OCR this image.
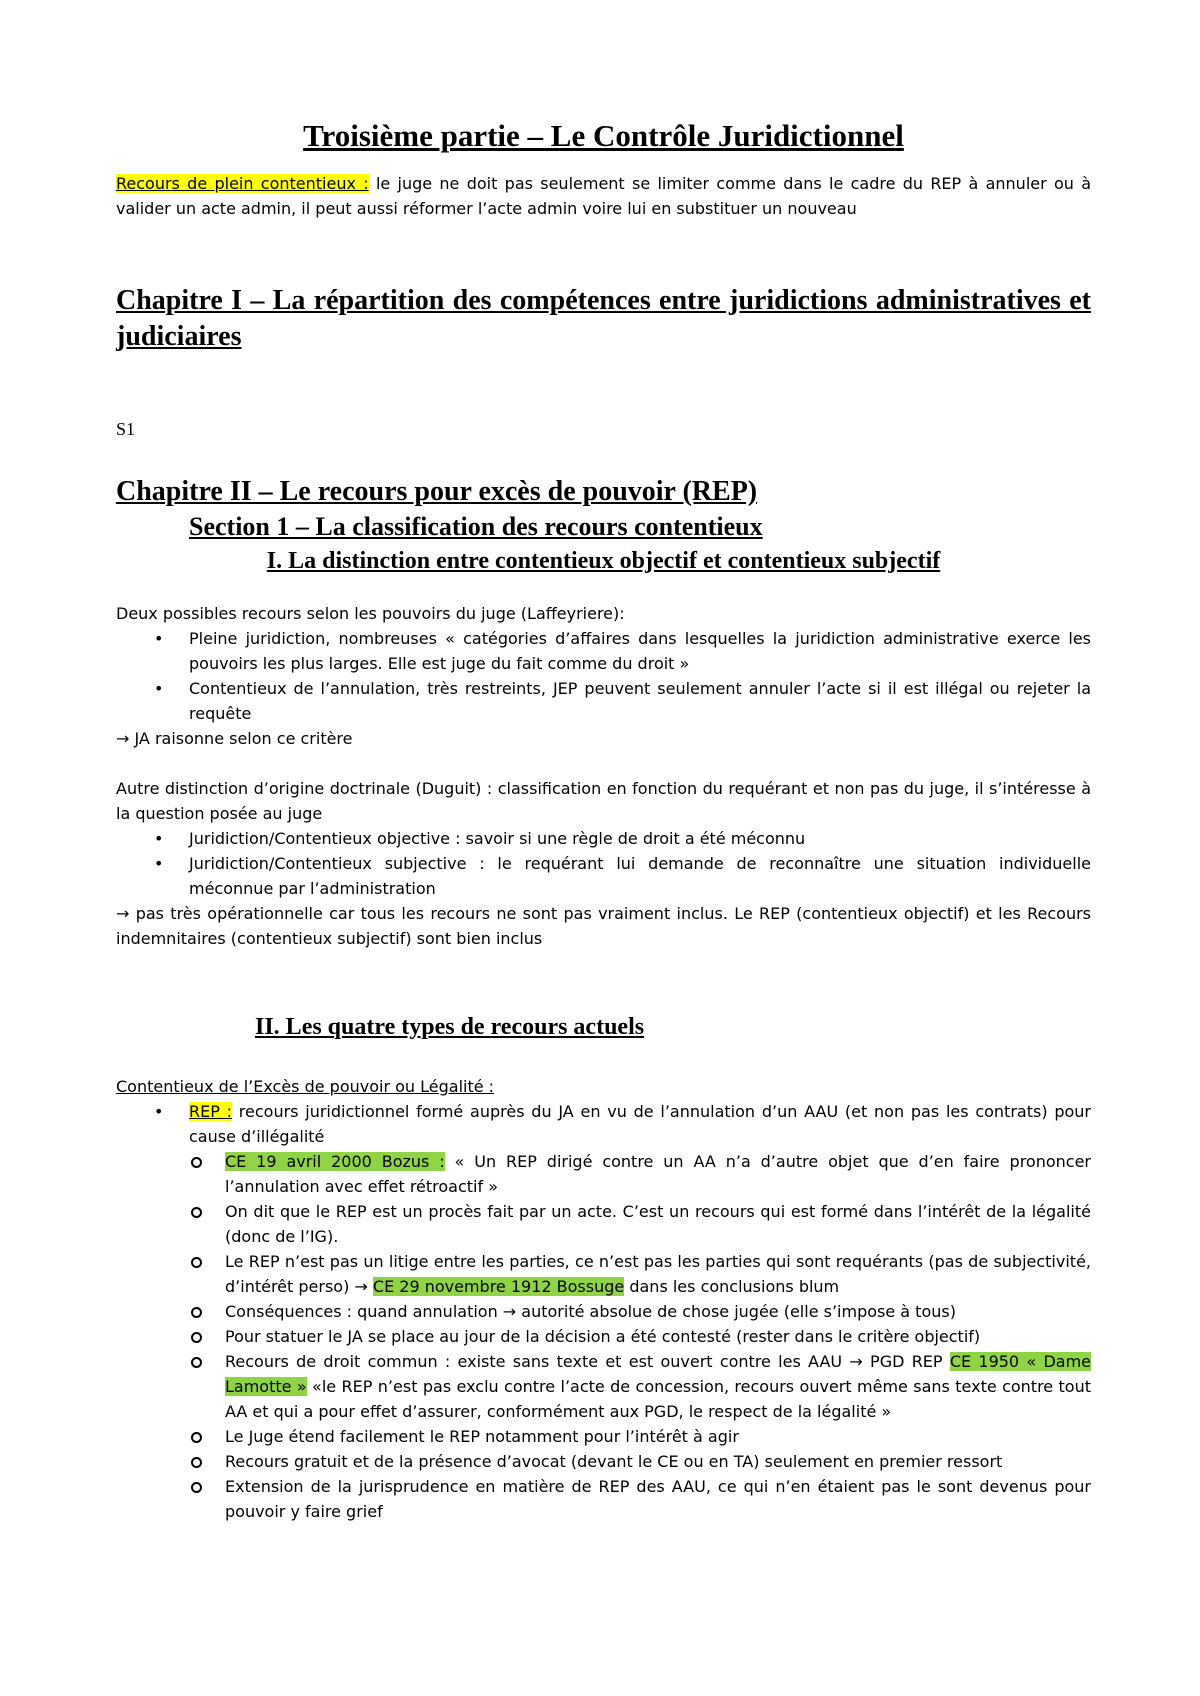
Troisième partie – Le Contrôle Juridictionnel

Recours de plein contentieux : le juge ne doit pas seulement se limiter comme dans le cadre du REP à annuler ou à valider un acte admin, il peut aussi réformer l’acte admin voire lui en substituer un nouveau

Chapitre I – La répartition des compétences entre juridictions administratives et judiciaires

S1

Chapitre II – Le recours pour excès de pouvoir (REP)
Section 1 – La classification des recours contentieux
I. La distinction entre contentieux objectif et contentieux subjectif

Deux possibles recours selon les pouvoirs du juge (Laffeyriere):

• Pleine juridiction, nombreuses « catégories d’affaires dans lesquelles la juridiction administrative exerce les pouvoirs les plus larges. Elle est juge du fait comme du droit »
• Contentieux de l’annulation, très restreints, JEP peuvent seulement annuler l’acte si il est illégal ou rejeter la requête

→ JA raisonne selon ce critère

Autre distinction d’origine doctrinale (Duguit) : classification en fonction du requérant et non pas du juge, il s’intéresse à la question posée au juge

• Juridiction/Contentieux objective : savoir si une règle de droit a été méconnu
• Juridiction/Contentieux subjective : le requérant lui demande de reconnaître une situation individuelle méconnue par l’administration

→ pas très opérationnelle car tous les recours ne sont pas vraiment inclus. Le REP (contentieux objectif) et les Recours indemnitaires (contentieux subjectif) sont bien inclus

II. Les quatre types de recours actuels

Contentieux de l’Excès de pouvoir ou Légalité :

• REP : recours juridictionnel formé auprès du JA en vu de l’annulation d’un AAU (et non pas les contrats) pour cause d’illégalité
CE 19 avril 2000 Bozus : « Un REP dirigé contre un AA n’a d’autre objet que d’en faire prononcer l’annulation avec effet rétroactif »
On dit que le REP est un procès fait par un acte. C’est un recours qui est formé dans l’intérêt de la légalité (donc de l’IG).
Le REP n’est pas un litige entre les parties, ce n’est pas les parties qui sont requérants (pas de subjectivité, d’intérêt perso) → CE 29 novembre 1912 Bossuge dans les conclusions blum
Conséquences : quand annulation → autorité absolue de chose jugée (elle s’impose à tous)
Pour statuer le JA se place au jour de la décision a été contesté (rester dans le critère objectif)
Recours de droit commun : existe sans texte et est ouvert contre les AAU → PGD REP CE 1950 « Dame Lamotte » «le REP n’est pas exclu contre l’acte de concession, recours ouvert même sans texte contre tout AA et qui a pour effet d’assurer, conformément aux PGD, le respect de la légalité »
Le Juge étend facilement le REP notamment pour l’intérêt à agir
Recours gratuit et de la présence d’avocat (devant le CE ou en TA) seulement en premier ressort
Extension de la jurisprudence en matière de REP des AAU, ce qui n’en étaient pas le sont devenus pour pouvoir y faire grief
